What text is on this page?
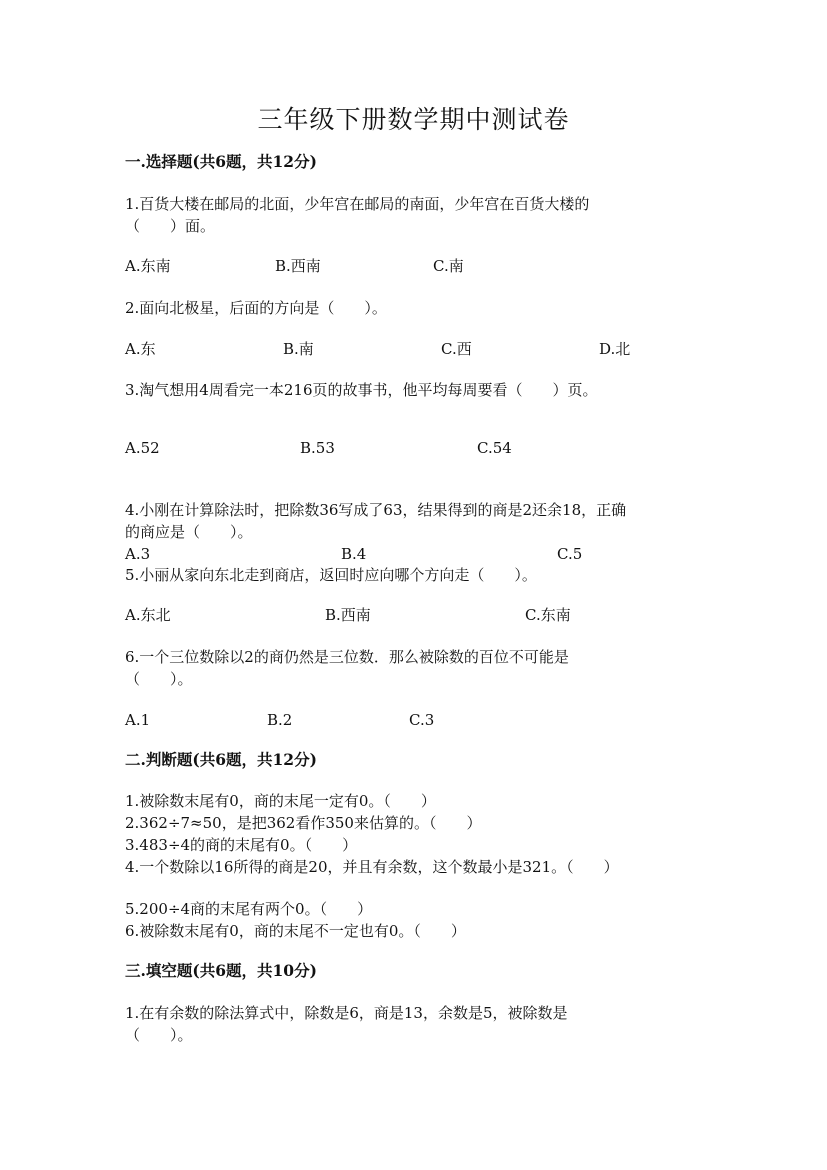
三年级下册数学期中测试卷
一.选择题(共6题，共12分)
1.百货大楼在邮局的北面，少年宫在邮局的南面，少年宫在百货大楼的
（　　）面。
A.东南	B.西南	C.南
2.面向北极星，后面的方向是（　　）。
A.东	B.南	C.西	D.北
3.淘气想用4周看完一本216页的故事书，他平均每周要看（　　）页。
A.52	B.53	C.54
4.小刚在计算除法时，把除数36写成了63，结果得到的商是2还余18，正确
的商应是（　　）。
A.3	B.4	C.5
5.小丽从家向东北走到商店，返回时应向哪个方向走（　　）。
A.东北	B.西南	C.东南
6.一个三位数除以2的商仍然是三位数．那么被除数的百位不可能是
（　　）。
A.1	B.2	C.3
二.判断题(共6题，共12分)
1.被除数末尾有0，商的末尾一定有0。（　　）
2.362÷7≈50，是把362看作350来估算的。（　　）
3.483÷4的商的末尾有0。（　　）
4.一个数除以16所得的商是20，并且有余数，这个数最小是321。（　　）
5.200÷4商的末尾有两个0。（　　）
6.被除数末尾有0，商的末尾不一定也有0。（　　）
三.填空题(共6题，共10分)
1.在有余数的除法算式中，除数是6，商是13，余数是5，被除数是
（　　）。
